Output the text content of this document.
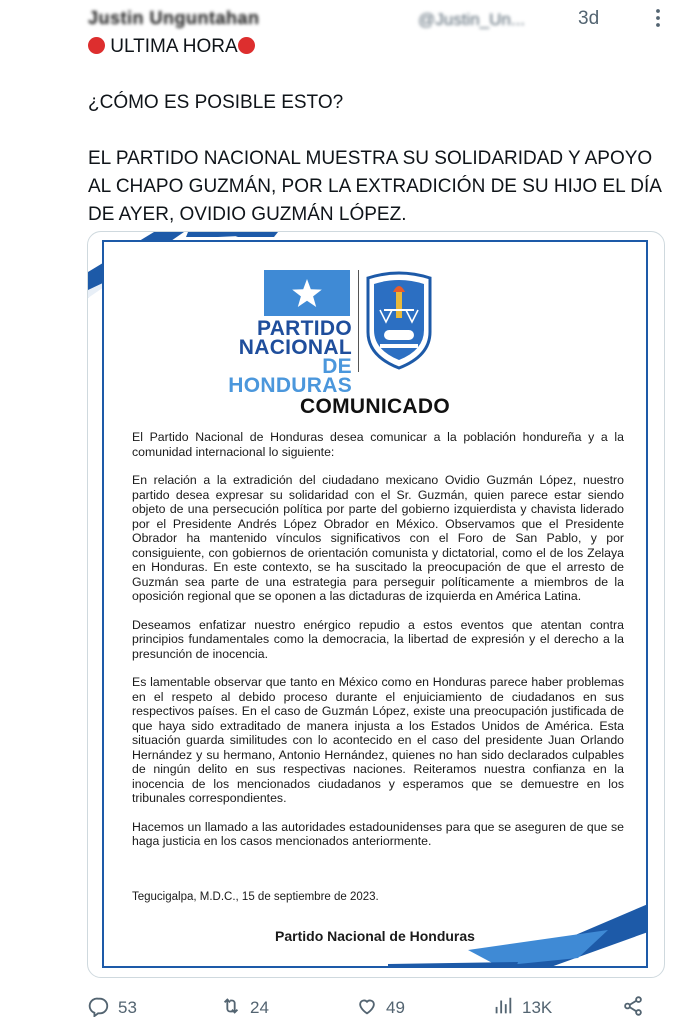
Justin Unguntahan	@Justin_Un...	3d

ULTIMA HORA

¿CÓMO ES POSIBLE ESTO?

EL PARTIDO NACIONAL MUESTRA SU SOLIDARIDAD Y APOYO AL CHAPO GUZMÁN, POR LA EXTRADICIÓN DE SU HIJO EL DÍA DE AYER, OVIDIO GUZMÁN LÓPEZ.

PARTIDO
NACIONAL
DE HONDURAS
COMUNICADO

El Partido Nacional de Honduras desea comunicar a la población hondureña y a la comunidad internacional lo siguiente:

En relación a la extradición del ciudadano mexicano Ovidio Guzmán López, nuestro partido desea expresar su solidaridad con el Sr. Guzmán, quien parece estar siendo objeto de una persecución política por parte del gobierno izquierdista y chavista liderado por el Presidente Andrés López Obrador en México. Observamos que el Presidente Obrador ha mantenido vínculos significativos con el Foro de San Pablo, y por consiguiente, con gobiernos de orientación comunista y dictatorial, como el de los Zelaya en Honduras. En este contexto, se ha suscitado la preocupación de que el arresto de Guzmán sea parte de una estrategia para perseguir políticamente a miembros de la oposición regional que se oponen a las dictaduras de izquierda en América Latina.

Deseamos enfatizar nuestro enérgico repudio a estos eventos que atentan contra principios fundamentales como la democracia, la libertad de expresión y el derecho a la presunción de inocencia.

Es lamentable observar que tanto en México como en Honduras parece haber problemas en el respeto al debido proceso durante el enjuiciamiento de ciudadanos en sus respectivos países. En el caso de Guzmán López, existe una preocupación justificada de que haya sido extraditado de manera injusta a los Estados Unidos de América. Esta situación guarda similitudes con lo acontecido en el caso del presidente Juan Orlando Hernández y su hermano, Antonio Hernández, quienes no han sido declarados culpables de ningún delito en sus respectivas naciones. Reiteramos nuestra confianza en la inocencia de los mencionados ciudadanos y esperamos que se demuestre en los tribunales correspondientes.

Hacemos un llamado a las autoridades estadounidenses para que se aseguren de que se haga justicia en los casos mencionados anteriormente.

Tegucigalpa, M.D.C., 15 de septiembre de 2023.
Partido Nacional de Honduras
53	24	49	13K
